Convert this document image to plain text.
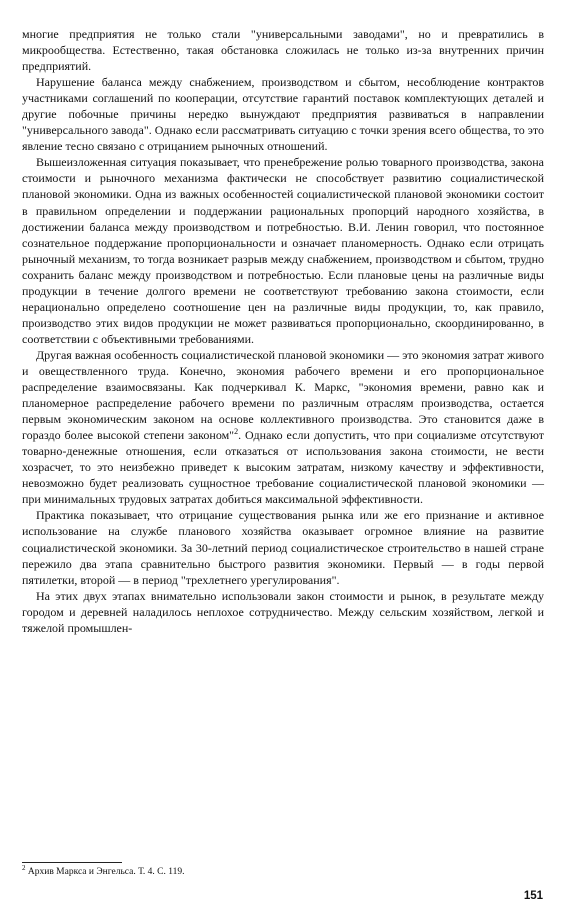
многие предприятия не только стали "универсальными заводами", но и превратились в микрообщества. Естественно, такая обстановка сложилась не только из-за внутренних причин предприятий.

Нарушение баланса между снабжением, производством и сбытом, несоблюдение контрактов участниками соглашений по кооперации, отсутствие гарантий поставок комплектующих деталей и другие побочные причины нередко вынуждают предприятия развиваться в направлении "универсального завода". Однако если рассматривать ситуацию с точки зрения всего общества, то это явление тесно связано с отрицанием рыночных отношений.

Вышеизложенная ситуация показывает, что пренебрежение ролью товарного производства, закона стоимости и рыночного механизма фактически не способствует развитию социалистической плановой экономики. Одна из важных особенностей социалистической плановой экономики состоит в правильном определении и поддержании рациональных пропорций народного хозяйства, в достижении баланса между производством и потребностью. В.И. Ленин говорил, что постоянное сознательное поддержание пропорциональности и означает планомерность. Однако если отрицать рыночный механизм, то тогда возникает разрыв между снабжением, производством и сбытом, трудно сохранить баланс между производством и потребностью. Если плановые цены на различные виды продукции в течение долгого времени не соответствуют требованию закона стоимости, если нерационально определено соотношение цен на различные виды продукции, то, как правило, производство этих видов продукции не может развиваться пропорционально, скоординированно, в соответствии с объективными требованиями.

Другая важная особенность социалистической плановой экономики — это экономия затрат живого и овеществленного труда. Конечно, экономия рабочего времени и его пропорциональное распределение взаимосвязаны. Как подчеркивал К. Маркс, "экономия времени, равно как и планомерное распределение рабочего времени по различным отраслям производства, остается первым экономическим законом на основе коллективного производства. Это становится даже в гораздо более высокой степени законом"$^2$. Однако если допустить, что при социализме отсутствуют товарно-денежные отношения, если отказаться от использования закона стоимости, не вести хозрасчет, то это неизбежно приведет к высоким затратам, низкому качеству и эффективности, невозможно будет реализовать сущностное требование социалистической плановой экономики — при минимальных трудовых затратах добиться максимальной эффективности.

Практика показывает, что отрицание существования рынка или же его признание и активное использование на службе планового хозяйства оказывает огромное влияние на развитие социалистической экономики. За 30-летний период социалистическое строительство в нашей стране пережило два этапа сравнительно быстрого развития экономики. Первый — в годы первой пятилетки, второй — в период "трехлетнего урегулирования".

На этих двух этапах внимательно использовали закон стоимости и рынок, в результате между городом и деревней наладилось неплохое сотрудничество. Между сельским хозяйством, легкой и тяжелой промышлен-

$^2$ Архив Маркса и Энгельса. Т. 4. С. 119.
151
